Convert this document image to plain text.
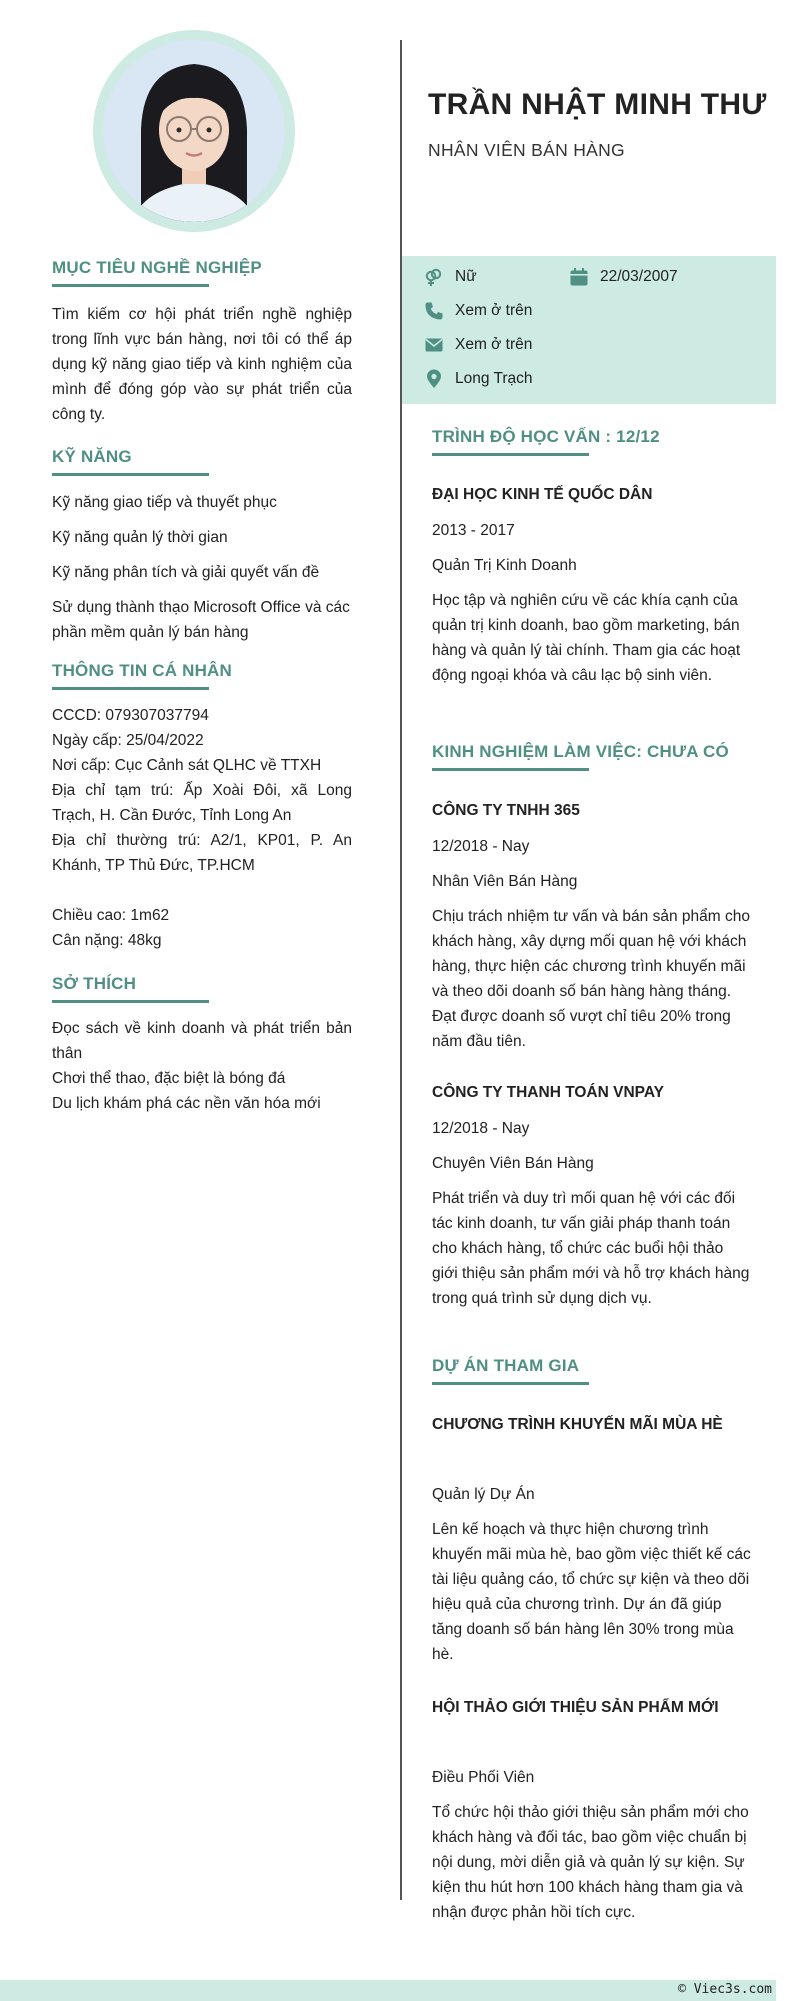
MỤC TIÊU NGHỀ NGHIỆP
Tìm kiếm cơ hội phát triển nghề nghiệp trong lĩnh vực bán hàng, nơi tôi có thể áp dụng kỹ năng giao tiếp và kinh nghiệm của mình để đóng góp vào sự phát triển của công ty.
KỸ NĂNG
Kỹ năng giao tiếp và thuyết phục
Kỹ năng quản lý thời gian
Kỹ năng phân tích và giải quyết vấn đề
Sử dụng thành thạo Microsoft Office và các phần mềm quản lý bán hàng
THÔNG TIN CÁ NHÂN
CCCD: 079307037794
Ngày cấp: 25/04/2022
Nơi cấp: Cục Cảnh sát QLHC về TTXH
Địa chỉ tạm trú: Ấp Xoài Đôi, xã Long Trạch, H. Cần Đước, Tỉnh Long An
Địa chỉ thường trú: A2/1, KP01, P. An Khánh, TP Thủ Đức, TP.HCM
Chiều cao: 1m62
Cân nặng: 48kg
SỞ THÍCH
Đọc sách về kinh doanh và phát triển bản thân
Chơi thể thao, đặc biệt là bóng đá
Du lịch khám phá các nền văn hóa mới
TRẦN NHẬT MINH THƯ
NHÂN VIÊN BÁN HÀNG
Nữ	22/03/2007
Xem ở trên
Xem ở trên
Long Trạch
TRÌNH ĐỘ HỌC VẤN : 12/12
ĐẠI HỌC KINH TẾ QUỐC DÂN
2013 - 2017
Quản Trị Kinh Doanh
Học tập và nghiên cứu về các khía cạnh của quản trị kinh doanh, bao gồm marketing, bán hàng và quản lý tài chính. Tham gia các hoạt động ngoại khóa và câu lạc bộ sinh viên.
KINH NGHIỆM LÀM VIỆC: CHƯA CÓ
CÔNG TY TNHH 365
12/2018 - Nay
Nhân Viên Bán Hàng
Chịu trách nhiệm tư vấn và bán sản phẩm cho khách hàng, xây dựng mối quan hệ với khách hàng, thực hiện các chương trình khuyến mãi và theo dõi doanh số bán hàng hàng tháng. Đạt được doanh số vượt chỉ tiêu 20% trong năm đầu tiên.
CÔNG TY THANH TOÁN VNPAY
12/2018 - Nay
Chuyên Viên Bán Hàng
Phát triển và duy trì mối quan hệ với các đối tác kinh doanh, tư vấn giải pháp thanh toán cho khách hàng, tổ chức các buổi hội thảo giới thiệu sản phẩm mới và hỗ trợ khách hàng trong quá trình sử dụng dịch vụ.
DỰ ÁN THAM GIA
CHƯƠNG TRÌNH KHUYẾN MÃI MÙA HÈ
Quản lý Dự Án
Lên kế hoạch và thực hiện chương trình khuyến mãi mùa hè, bao gồm việc thiết kế các tài liệu quảng cáo, tổ chức sự kiện và theo dõi hiệu quả của chương trình. Dự án đã giúp tăng doanh số bán hàng lên 30% trong mùa hè.
HỘI THẢO GIỚI THIỆU SẢN PHẨM MỚI
Điều Phối Viên
Tổ chức hội thảo giới thiệu sản phẩm mới cho khách hàng và đối tác, bao gồm việc chuẩn bị nội dung, mời diễn giả và quản lý sự kiện. Sự kiện thu hút hơn 100 khách hàng tham gia và nhận được phản hồi tích cực.
© Viec3s.com
